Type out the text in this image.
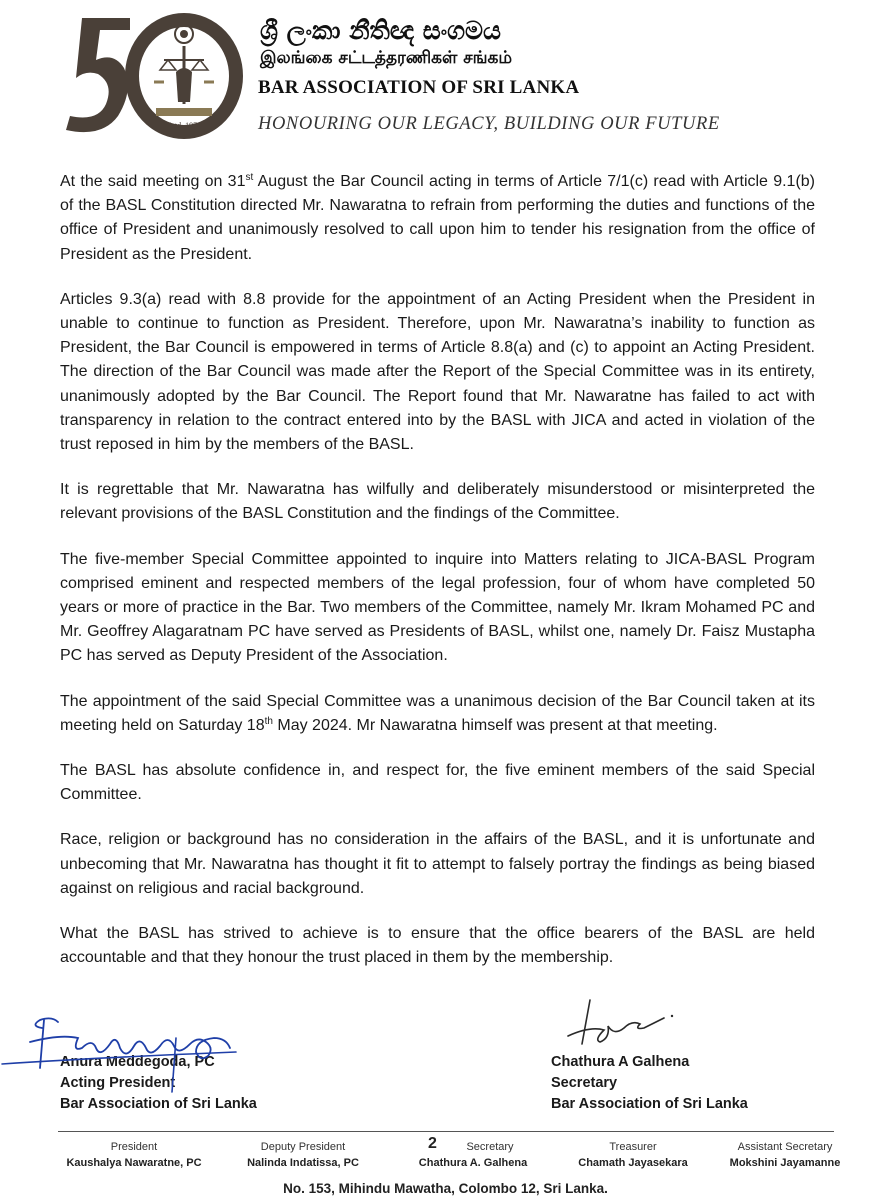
Estd. 1974
ශ්‍රී ලංකා නීතිඥ සංගමය
இலங்கை சட்டத்தரணிகள் சங்கம்
BAR ASSOCIATION OF SRI LANKA
HONOURING OUR LEGACY, BUILDING OUR FUTURE

At the said meeting on 31st August the Bar Council acting in terms of Article 7/1(c) read with Article 9.1(b) of the BASL Constitution directed Mr. Nawaratna to refrain from performing the duties and functions of the office of President and unanimously resolved to call upon him to tender his resignation from the office of President as the President.

Articles 9.3(a) read with 8.8 provide for the appointment of an Acting President when the President in unable to continue to function as President. Therefore, upon Mr. Nawaratna’s inability to function as President, the Bar Council is empowered in terms of Article 8.8(a) and (c) to appoint an Acting President. The direction of the Bar Council was made after the Report of the Special Committee was in its entirety, unanimously adopted by the Bar Council. The Report found that Mr. Nawaratne has failed to act with transparency in relation to the contract entered into by the BASL with JICA and acted in violation of the trust reposed in him by the members of the BASL.

It is regrettable that Mr. Nawaratna has wilfully and deliberately misunderstood or misinterpreted the relevant provisions of the BASL Constitution and the findings of the Committee.

The five-member Special Committee appointed to inquire into Matters relating to JICA-BASL Program comprised eminent and respected members of the legal profession, four of whom have completed 50 years or more of practice in the Bar. Two members of the Committee, namely Mr. Ikram Mohamed PC and Mr. Geoffrey Alagaratnam PC have served as Presidents of BASL, whilst one, namely Dr. Faisz Mustapha PC has served as Deputy President of the Association.

The appointment of the said Special Committee was a unanimous decision of the Bar Council taken at its meeting held on Saturday 18th May 2024. Mr Nawaratna himself was present at that meeting.

The BASL has absolute confidence in, and respect for, the five eminent members of the said Special Committee.

Race, religion or background has no consideration in the affairs of the BASL, and it is unfortunate and unbecoming that Mr. Nawaratna has thought it fit to attempt to falsely portray the findings as being biased against on religious and racial background.

What the BASL has strived to achieve is to ensure that the office bearers of the BASL are held accountable and that they honour the trust placed in them by the membership.

Anura Meddegoda, PC
Acting President
Bar Association of Sri Lanka
Chathura A Galhena
Secretary
Bar Association of Sri Lanka
2
President
Kaushalya Nawaratne, PC
Deputy President
Nalinda Indatissa, PC
Secretary
Chathura A. Galhena
Treasurer
Chamath Jayasekara
Assistant Secretary
Mokshini Jayamanne
No. 153, Mihindu Mawatha, Colombo 12, Sri Lanka.
